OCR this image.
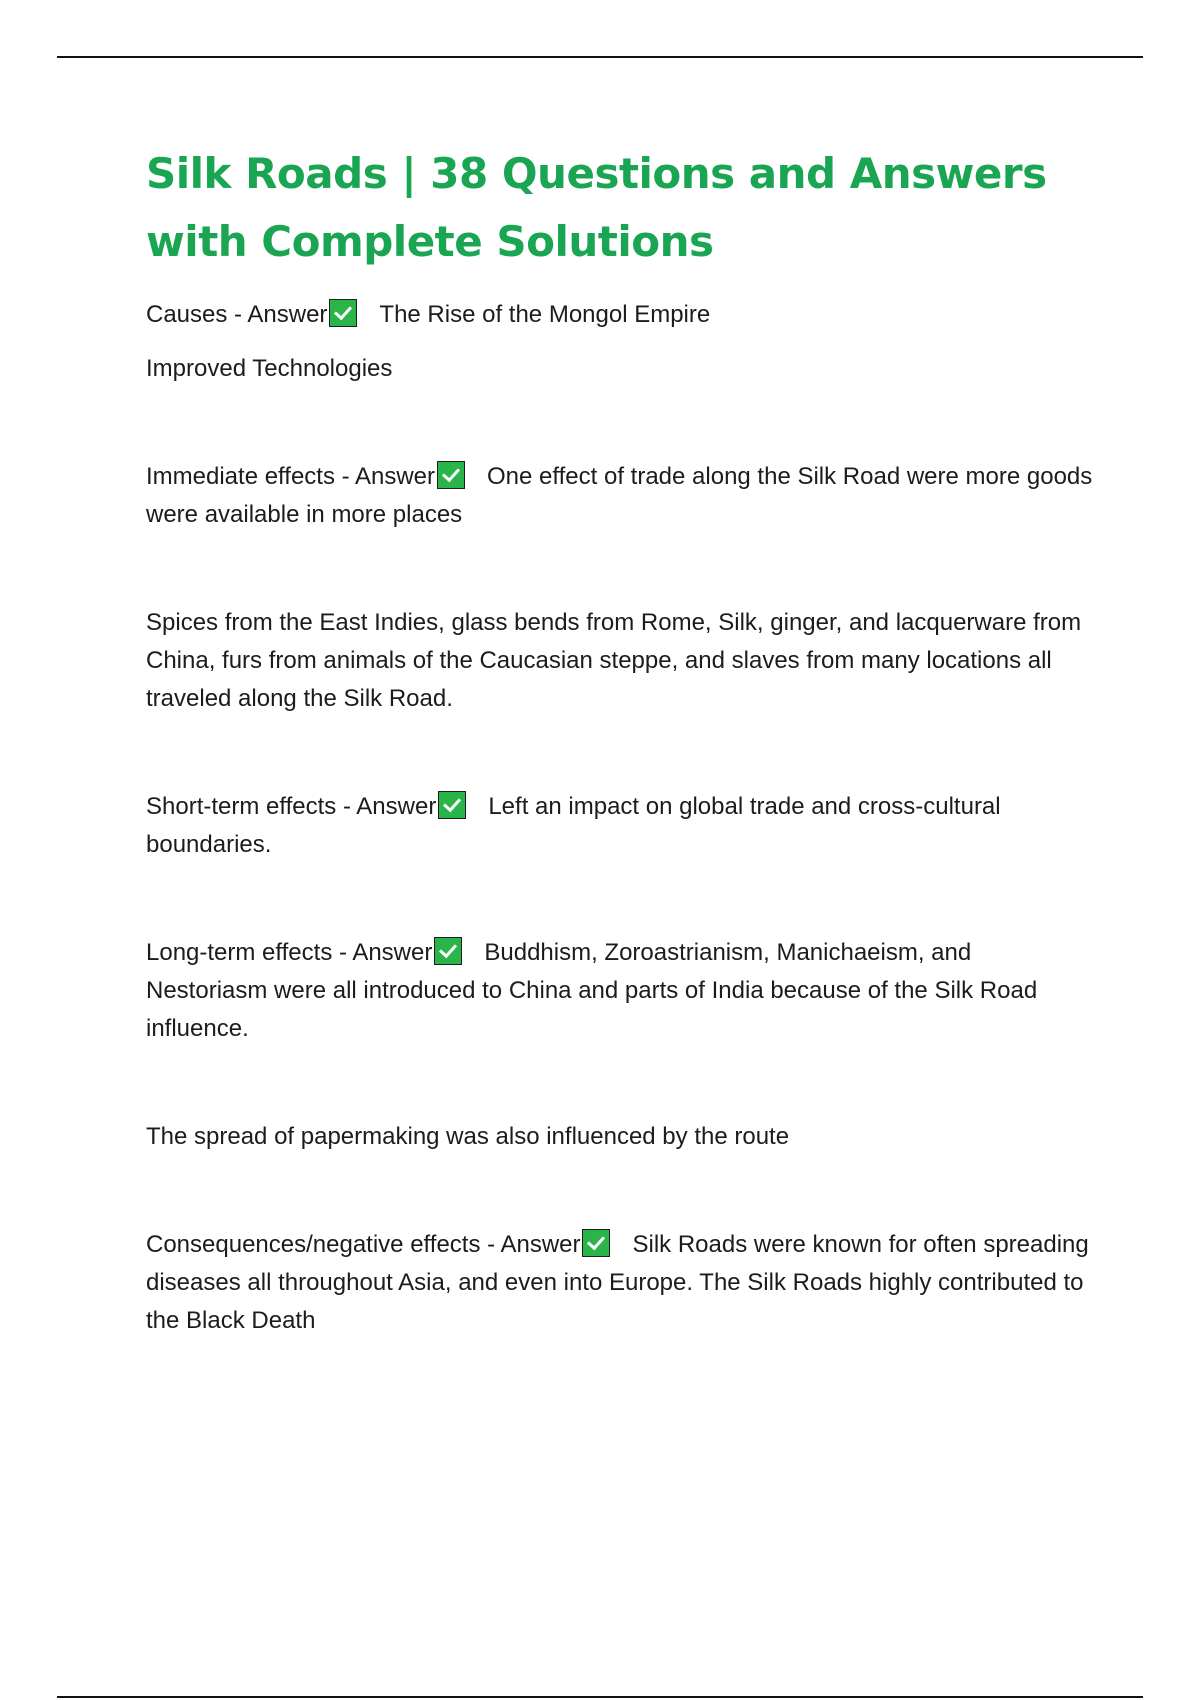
Silk Roads | 38 Questions and Answers with Complete Solutions

Causes - Answer The Rise of the Mongol Empire

Improved Technologies

Immediate effects - Answer One effect of trade along the Silk Road were more goods were available in more places

Spices from the East Indies, glass bends from Rome, Silk, ginger, and lacquerware from China, furs from animals of the Caucasian steppe, and slaves from many locations all traveled along the Silk Road.

Short-term effects - Answer Left an impact on global trade and cross-cultural boundaries.

Long-term effects - Answer Buddhism, Zoroastrianism, Manichaeism, and Nestoriasm were all introduced to China and parts of India because of the Silk Road influence.

The spread of papermaking was also influenced by the route

Consequences/negative effects - Answer Silk Roads were known for often spreading diseases all throughout Asia, and even into Europe. The Silk Roads highly contributed to the Black Death
